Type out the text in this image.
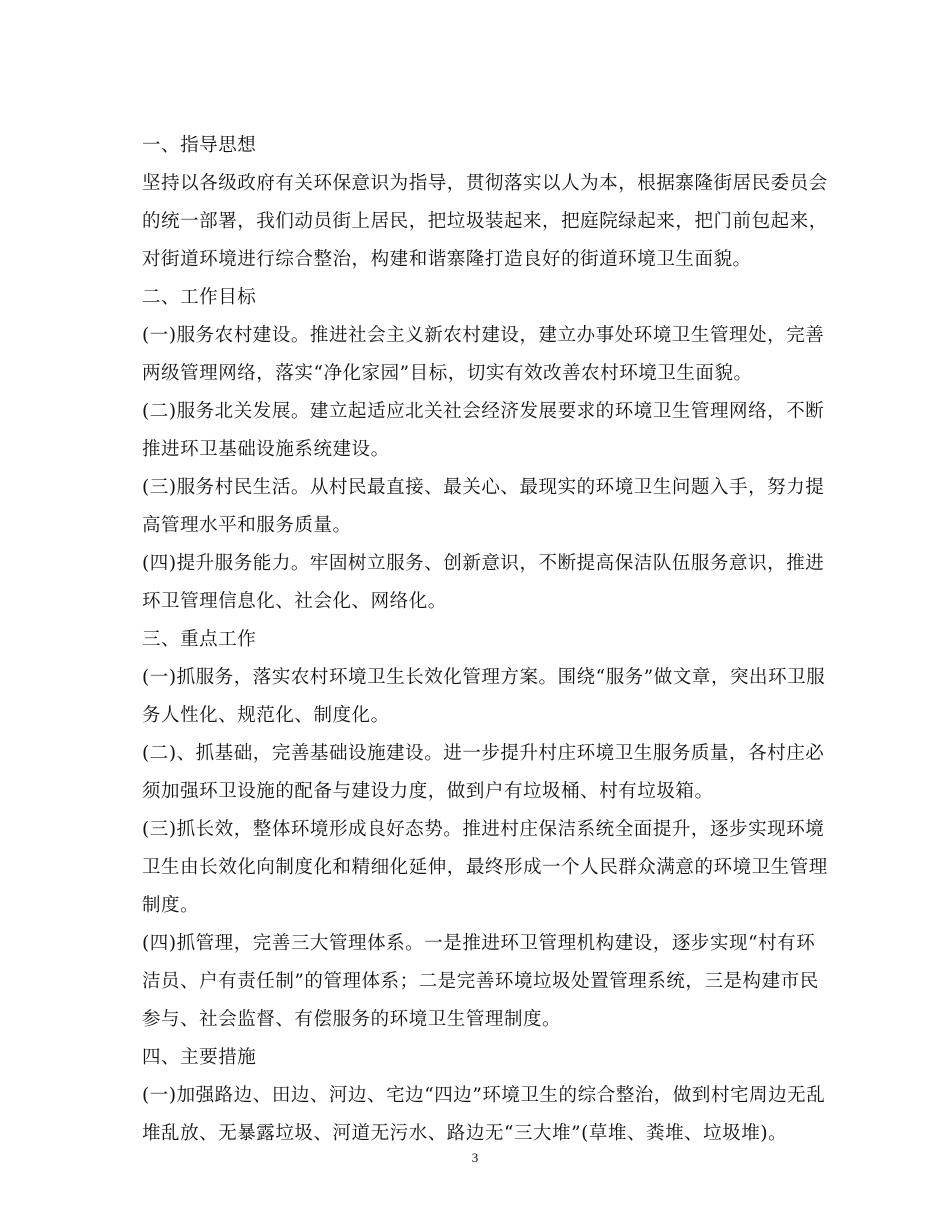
一、指导思想
坚持以各级政府有关环保意识为指导，贯彻落实以人为本，根据寨隆街居民委员会
的统一部署，我们动员街上居民，把垃圾装起来，把庭院绿起来，把门前包起来，
对街道环境进行综合整治，构建和谐寨隆打造良好的街道环境卫生面貌。
二、工作目标
(一)服务农村建设。推进社会主义新农村建设，建立办事处环境卫生管理处，完善
两级管理网络，落实“净化家园”目标，切实有效改善农村环境卫生面貌。
(二)服务北关发展。建立起适应北关社会经济发展要求的环境卫生管理网络，不断
推进环卫基础设施系统建设。
(三)服务村民生活。从村民最直接、最关心、最现实的环境卫生问题入手，努力提
高管理水平和服务质量。
(四)提升服务能力。牢固树立服务、创新意识，不断提高保洁队伍服务意识，推进
环卫管理信息化、社会化、网络化。
三、重点工作
(一)抓服务，落实农村环境卫生长效化管理方案。围绕“服务”做文章，突出环卫服
务人性化、规范化、制度化。
(二)、抓基础，完善基础设施建设。进一步提升村庄环境卫生服务质量，各村庄必
须加强环卫设施的配备与建设力度，做到户有垃圾桶、村有垃圾箱。
(三)抓长效，整体环境形成良好态势。推进村庄保洁系统全面提升，逐步实现环境
卫生由长效化向制度化和精细化延伸，最终形成一个人民群众满意的环境卫生管理
制度。
(四)抓管理，完善三大管理体系。一是推进环卫管理机构建设，逐步实现“村有环
洁员、户有责任制”的管理体系；二是完善环境垃圾处置管理系统，三是构建市民
参与、社会监督、有偿服务的环境卫生管理制度。
四、主要措施
(一)加强路边、田边、河边、宅边“四边”环境卫生的综合整治，做到村宅周边无乱
堆乱放、无暴露垃圾、河道无污水、路边无“三大堆”(草堆、粪堆、垃圾堆)。
3
